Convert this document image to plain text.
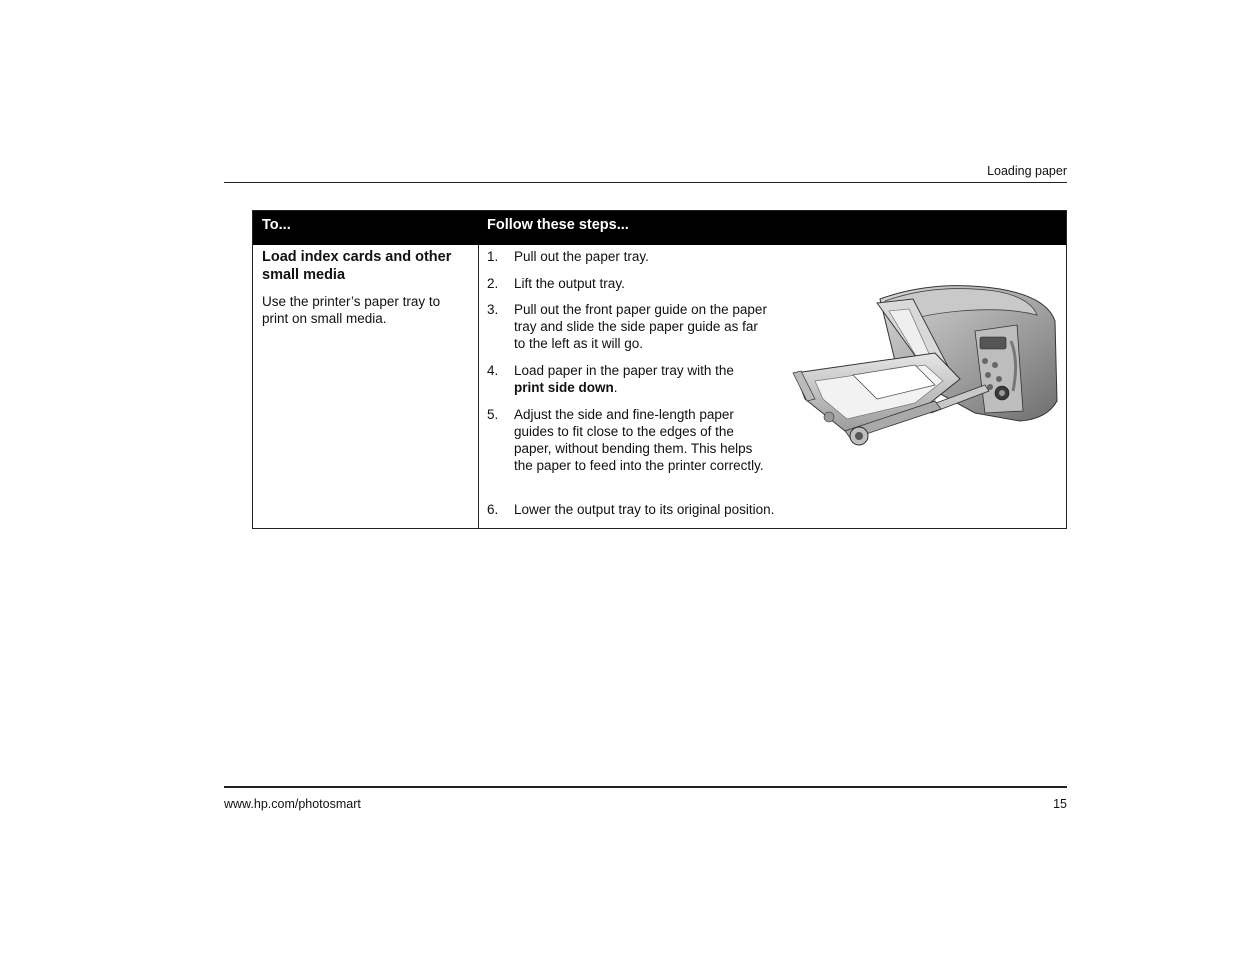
Loading paper
To...	Follow these steps...
Load index cards and other small media
Use the printer’s paper tray to print on small media.
1.	Pull out the paper tray.
2.	Lift the output tray.
3.	Pull out the front paper guide on the paper tray and slide the side paper guide as far to the left as it will go.
4.	Load paper in the paper tray with the print side down.
5.	Adjust the side and fine-length paper guides to fit close to the edges of the paper, without bending them. This helps the paper to feed into the printer correctly.
6.	Lower the output tray to its original position.
www.hp.com/photosmart	15
